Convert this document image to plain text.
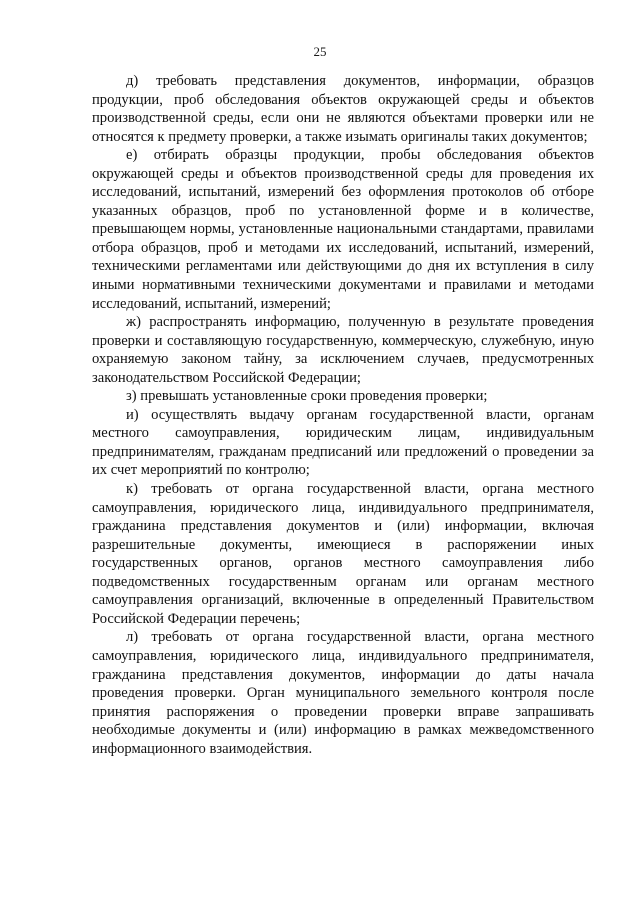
25

д) требовать представления документов, информации, образцов продукции, проб обследования объектов окружающей среды и объектов производственной среды, если они не являются объектами проверки или не относятся к предмету проверки, а также изымать оригиналы таких документов;

е) отбирать образцы продукции, пробы обследования объектов окружающей среды и объектов производственной среды для проведения их исследований, испытаний, измерений без оформления протоколов об отборе указанных образцов, проб по установленной форме и в количестве, превышающем нормы, установленные национальными стандартами, правилами отбора образцов, проб и методами их исследований, испытаний, измерений, техническими регламентами или действующими до дня их вступления в силу иными нормативными техническими документами и правилами и методами исследований, испытаний, измерений;

ж) распространять информацию, полученную в результате проведения проверки и составляющую государственную, коммерческую, служебную, иную охраняемую законом тайну, за исключением случаев, предусмотренных законодательством Российской Федерации;

з) превышать установленные сроки проведения проверки;

и) осуществлять выдачу органам государственной власти, органам местного самоуправления, юридическим лицам, индивидуальным предпринимателям, гражданам предписаний или предложений о проведении за их счет мероприятий по контролю;

к) требовать от органа государственной власти, органа местного самоуправления, юридического лица, индивидуального предпринимателя, гражданина представления документов и (или) информации, включая разрешительные документы, имеющиеся в распоряжении иных государственных органов, органов местного самоуправления либо подведомственных государственным органам или органам местного самоуправления организаций, включенные в определенный Правительством Российской Федерации перечень;

л) требовать от органа государственной власти, органа местного самоуправления, юридического лица, индивидуального предпринимателя, гражданина представления документов, информации до даты начала проведения проверки. Орган муниципального земельного контроля после принятия распоряжения о проведении проверки вправе запрашивать необходимые документы и (или) информацию в рамках межведомственного информационного взаимодействия.
